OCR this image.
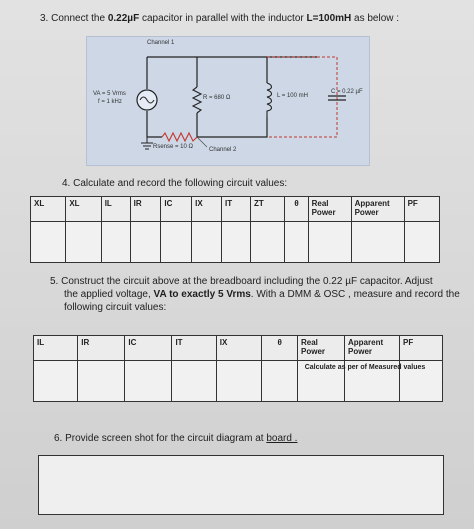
3. Connect the 0.22µF capacitor in parallel with the inductor L=100mH as below :
Channel 1
VA = 5 Vrms
f = 1 kHz
R = 680 Ω	L = 100 mH
C = 0.22 µF
Rsense = 10 Ω	Channel 2
4. Calculate and record the following circuit values:
XL	XL	IL	IR	IC	IX	IT	ZT	θ	Real Power	Apparent Power	PF

5. Construct the circuit above at the breadboard including the 0.22 µF capacitor. Adjust
the applied voltage, VA to exactly 5 Vrms. With a DMM & OSC , measure and record the
following circuit values:
IL	IR	IC	IT	IX	θ	Real Power	Apparent Power	PF

Calculate as per of Measured values
6. Provide screen shot for the circuit diagram at board .
